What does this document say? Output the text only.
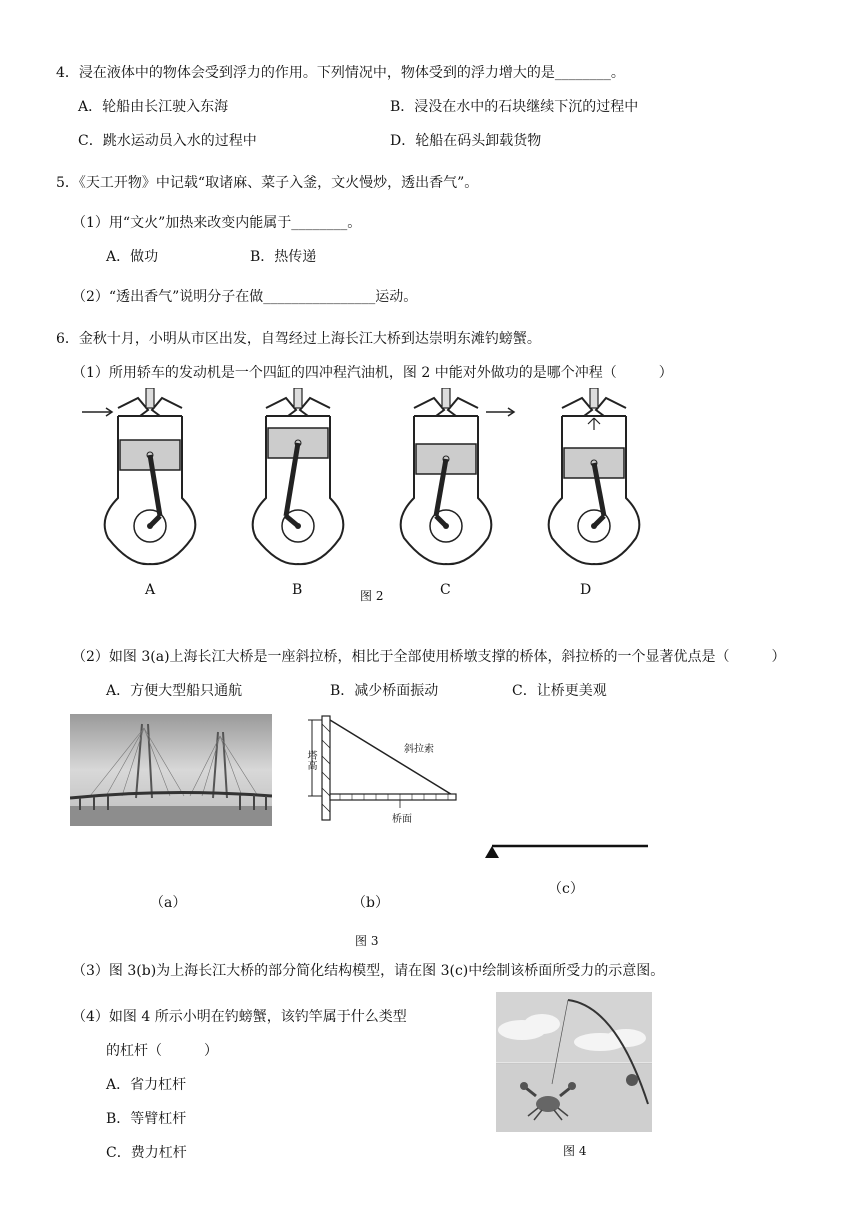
4．浸在液体中的物体会受到浮力的作用。下列情况中，物体受到的浮力增大的是________。
A．轮船由长江驶入东海	B．浸没在水中的石块继续下沉的过程中
C．跳水运动员入水的过程中	D．轮船在码头卸载货物
5．《天工开物》中记载“取诸麻、菜子入釜，文火慢炒，透出香气”。
（1）用“文火”加热来改变内能属于________。
A．做功	B．热传递
（2）“透出香气”说明分子在做________________运动。
6．金秋十月，小明从市区出发，自驾经过上海长江大桥到达崇明东滩钓螃蟹。
（1）所用轿车的发动机是一个四缸的四冲程汽油机，图 2 中能对外做功的是哪个冲程（　　　）
A	B	图 2	C	D
（2）如图 3(a)上海长江大桥是一座斜拉桥，相比于全部使用桥墩支撑的桥体，斜拉桥的一个显著优点是（　　　）
A．方便大型船只通航	B．减少桥面振动	C．让桥更美观
塔高
斜拉索
桥面
（a）	（b）
（c）
图 3
（3）图 3(b)为上海长江大桥的部分简化结构模型，请在图 3(c)中绘制该桥面所受力的示意图。
（4）如图 4 所示小明在钓螃蟹，该钓竿属于什么类型
的杠杆（　　　）
A．省力杠杆
B．等臂杠杆
C．费力杠杆	图 4
